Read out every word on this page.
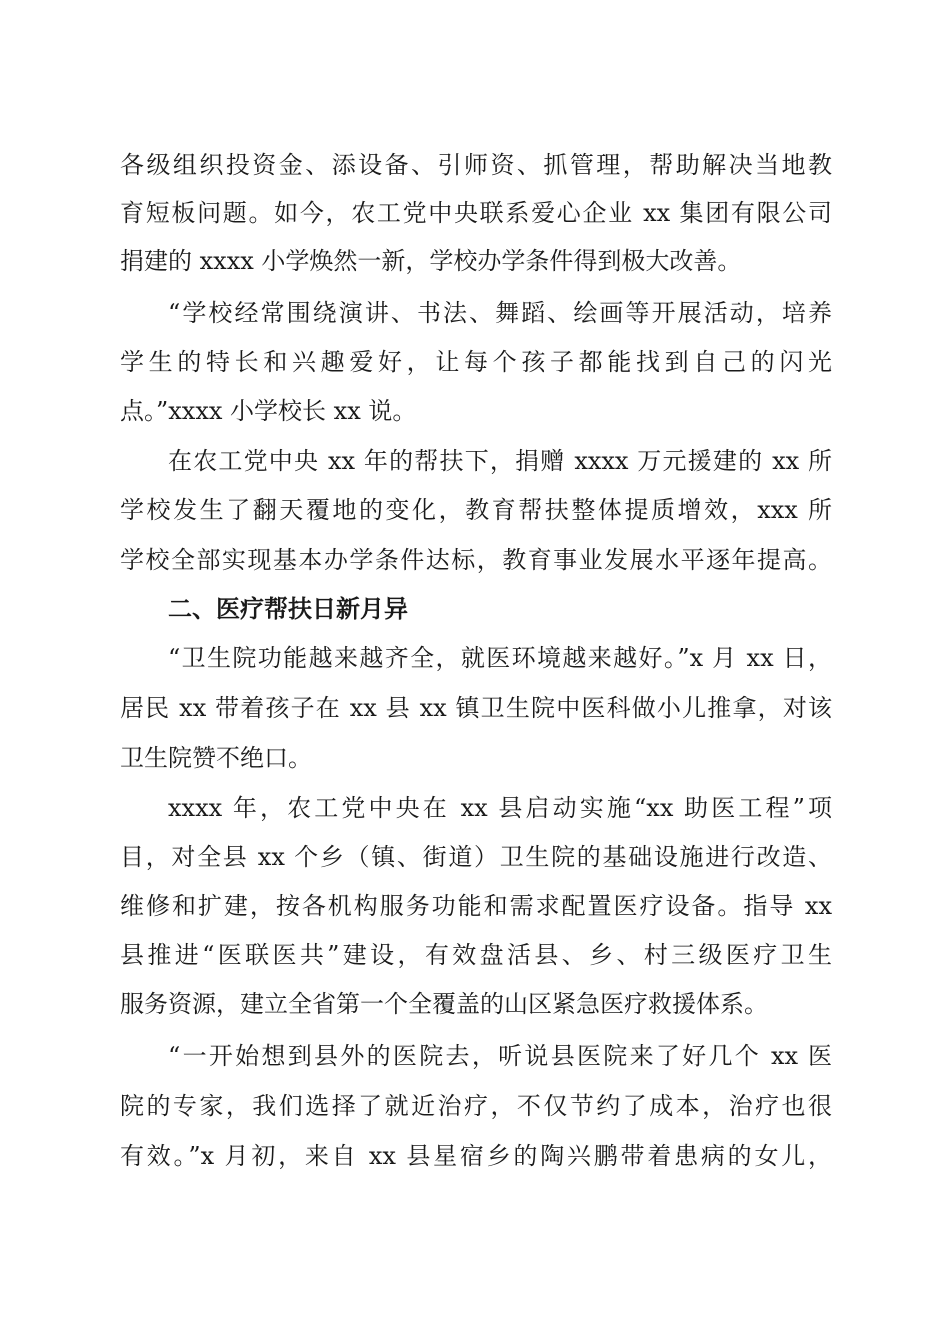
各级组织投资金、添设备、引师资、抓管理，帮助解决当地教
育短板问题。如今，农工党中央联系爱心企业 xx 集团有限公司
捐建的 xxxx 小学焕然一新，学校办学条件得到极大改善。
“学校经常围绕演讲、书法、舞蹈、绘画等开展活动，培养
学生的特长和兴趣爱好，让每个孩子都能找到自己的闪光
点。”xxxx 小学校长 xx 说。
在农工党中央 xx 年的帮扶下，捐赠 xxxx 万元援建的 xx 所
学校发生了翻天覆地的变化，教育帮扶整体提质增效，xxx 所
学校全部实现基本办学条件达标，教育事业发展水平逐年提高。
二、医疗帮扶日新月异
“卫生院功能越来越齐全，就医环境越来越好。”x 月 xx 日，
居民 xx 带着孩子在 xx 县 xx 镇卫生院中医科做小儿推拿，对该
卫生院赞不绝口。
xxxx 年，农工党中央在 xx 县启动实施“xx 助医工程”项
目，对全县 xx 个乡（镇、街道）卫生院的基础设施进行改造、
维修和扩建，按各机构服务功能和需求配置医疗设备。指导 xx
县推进“医联医共”建设，有效盘活县、乡、村三级医疗卫生
服务资源，建立全省第一个全覆盖的山区紧急医疗救援体系。
“一开始想到县外的医院去，听说县医院来了好几个 xx 医
院的专家，我们选择了就近治疗，不仅节约了成本，治疗也很
有效。”x 月初，来自 xx 县星宿乡的陶兴鹏带着患病的女儿，
